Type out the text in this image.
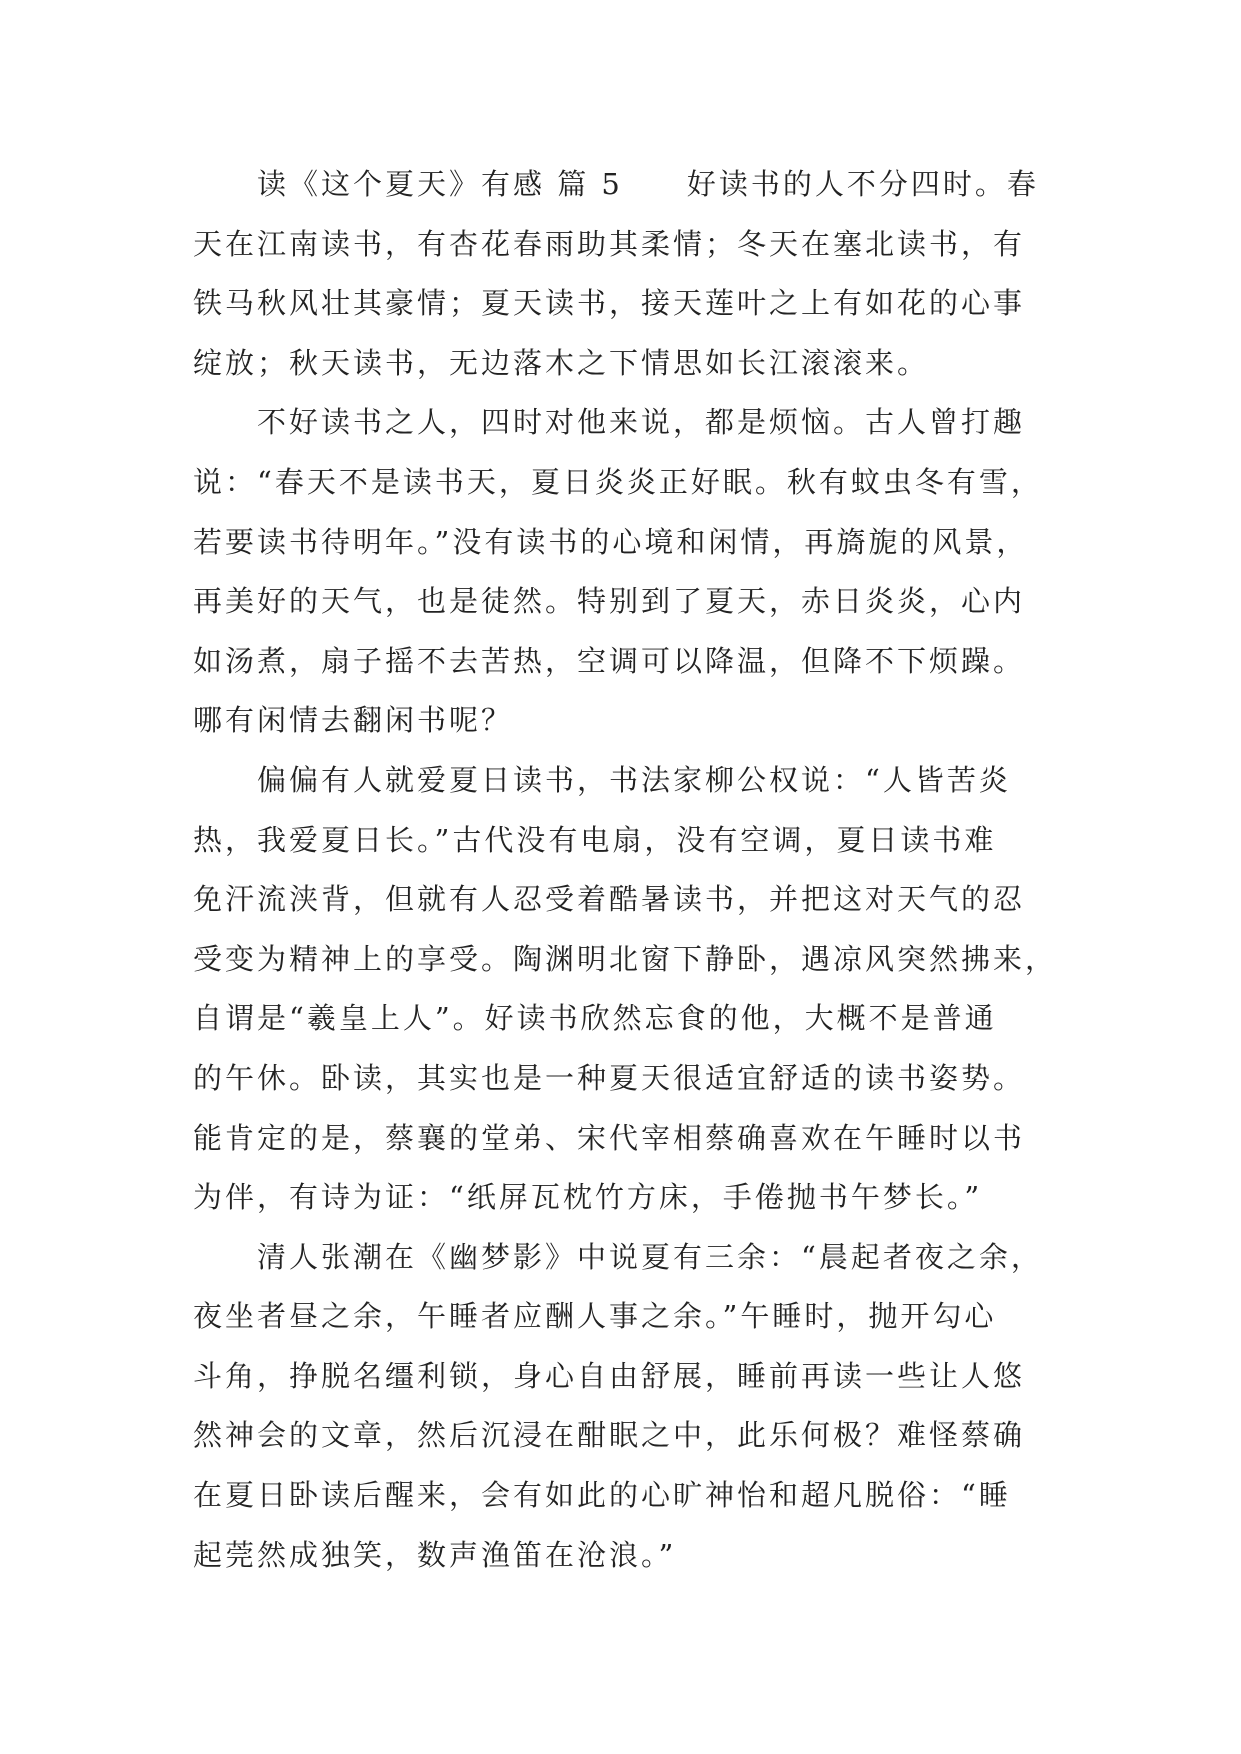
　　读《这个夏天》有感 篇 5　　好读书的人不分四时。春
天在江南读书，有杏花春雨助其柔情；冬天在塞北读书，有
铁马秋风壮其豪情；夏天读书，接天莲叶之上有如花的心事
绽放；秋天读书，无边落木之下情思如长江滚滚来。
　　不好读书之人，四时对他来说，都是烦恼。古人曾打趣
说：“春天不是读书天，夏日炎炎正好眠。秋有蚊虫冬有雪，
若要读书待明年。”没有读书的心境和闲情，再旖旎的风景，
再美好的天气，也是徒然。特别到了夏天，赤日炎炎，心内
如汤煮，扇子摇不去苦热，空调可以降温，但降不下烦躁。
哪有闲情去翻闲书呢？
　　偏偏有人就爱夏日读书，书法家柳公权说：“人皆苦炎
热，我爱夏日长。”古代没有电扇，没有空调，夏日读书难
免汗流浃背，但就有人忍受着酷暑读书，并把这对天气的忍
受变为精神上的享受。陶渊明北窗下静卧，遇凉风突然拂来，
自谓是“羲皇上人”。好读书欣然忘食的他，大概不是普通
的午休。卧读，其实也是一种夏天很适宜舒适的读书姿势。
能肯定的是，蔡襄的堂弟、宋代宰相蔡确喜欢在午睡时以书
为伴，有诗为证：“纸屏瓦枕竹方床，手倦抛书午梦长。”
　　清人张潮在《幽梦影》中说夏有三余：“晨起者夜之余，
夜坐者昼之余，午睡者应酬人事之余。”午睡时，抛开勾心
斗角，挣脱名缰利锁，身心自由舒展，睡前再读一些让人悠
然神会的文章，然后沉浸在酣眠之中，此乐何极？难怪蔡确
在夏日卧读后醒来，会有如此的心旷神怡和超凡脱俗：“睡
起莞然成独笑，数声渔笛在沧浪。”
